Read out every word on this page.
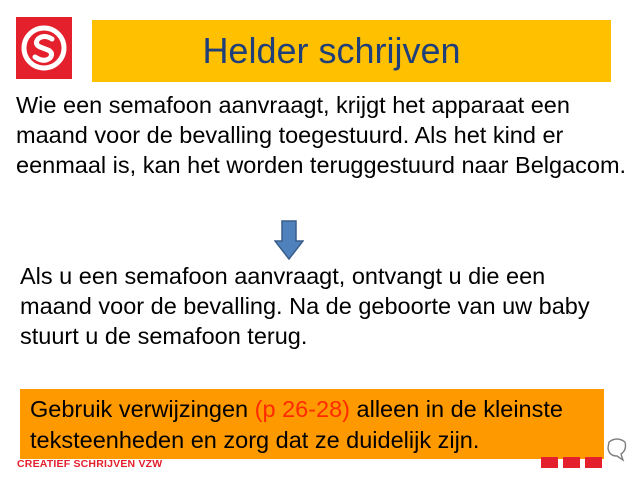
Helder schrijven

Wie een semafoon aanvraagt, krijgt het apparaat een maand voor de bevalling toegestuurd. Als het kind er eenmaal is, kan het worden teruggestuurd naar Belgacom.

Als u een semafoon aanvraagt, ontvangt u die een maand voor de bevalling. Na de geboorte van uw baby stuurt u de semafoon terug.

Gebruik verwijzingen (p 26-28) alleen in de kleinste teksteenheden en zorg dat ze duidelijk zijn.
CREATIEF SCHRIJVEN VZW
